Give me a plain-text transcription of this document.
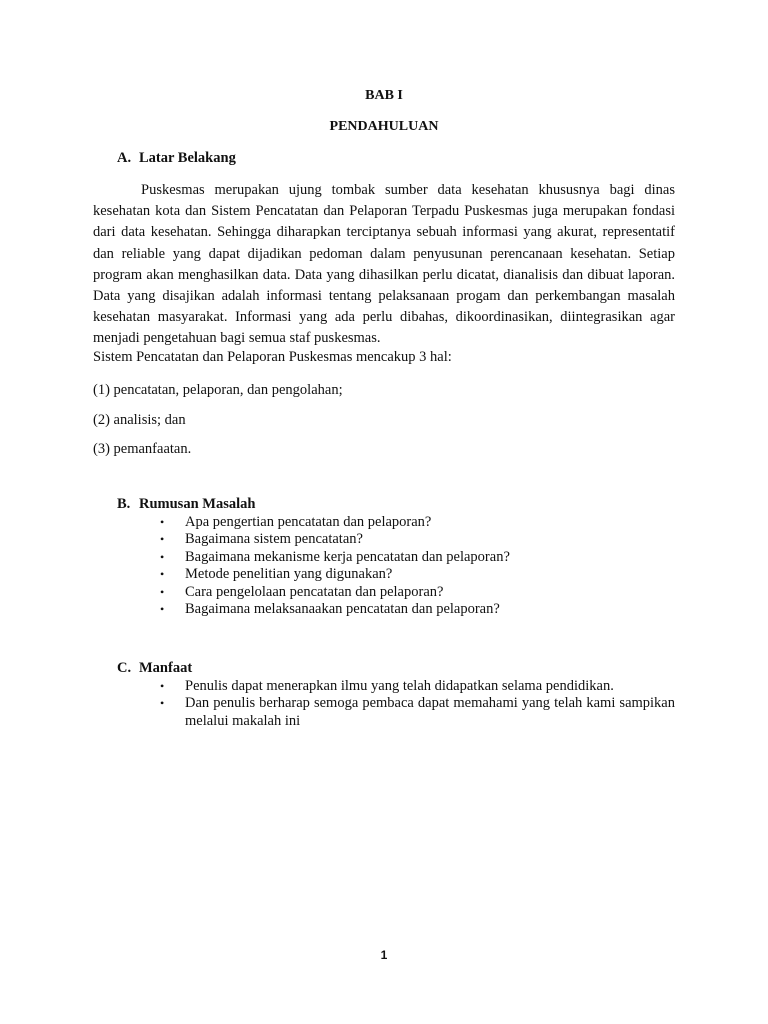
BAB I
PENDAHULUAN
A. Latar Belakang

Puskesmas merupakan ujung tombak sumber data kesehatan khususnya bagi dinas kesehatan kota dan Sistem Pencatatan dan Pelaporan Terpadu Puskesmas juga merupakan fondasi dari data kesehatan. Sehingga diharapkan terciptanya sebuah informasi yang akurat, representatif dan reliable yang dapat dijadikan pedoman dalam penyusunan perencanaan kesehatan. Setiap program akan menghasilkan data. Data yang dihasilkan perlu dicatat, dianalisis dan dibuat laporan. Data yang disajikan adalah informasi tentang pelaksanaan progam dan perkembangan masalah kesehatan masyarakat. Informasi yang ada perlu dibahas, dikoordinasikan, diintegrasikan agar menjadi pengetahuan bagi semua staf puskesmas.

Sistem Pencatatan dan Pelaporan Puskesmas mencakup 3 hal:

(1) pencatatan, pelaporan, dan pengolahan;

(2) analisis; dan

(3) pemanfaatan.

B. Rumusan Masalah
• Apa pengertian pencatatan dan pelaporan?
• Bagaimana sistem pencatatan?
• Bagaimana mekanisme kerja pencatatan dan pelaporan?
• Metode penelitian yang digunakan?
• Cara pengelolaan pencatatan dan pelaporan?
• Bagaimana melaksanaakan pencatatan dan pelaporan?
C. Manfaat
• Penulis dapat menerapkan ilmu yang telah didapatkan selama pendidikan.
• Dan penulis berharap semoga pembaca dapat memahami yang telah kami sampikan melalui makalah ini
1
